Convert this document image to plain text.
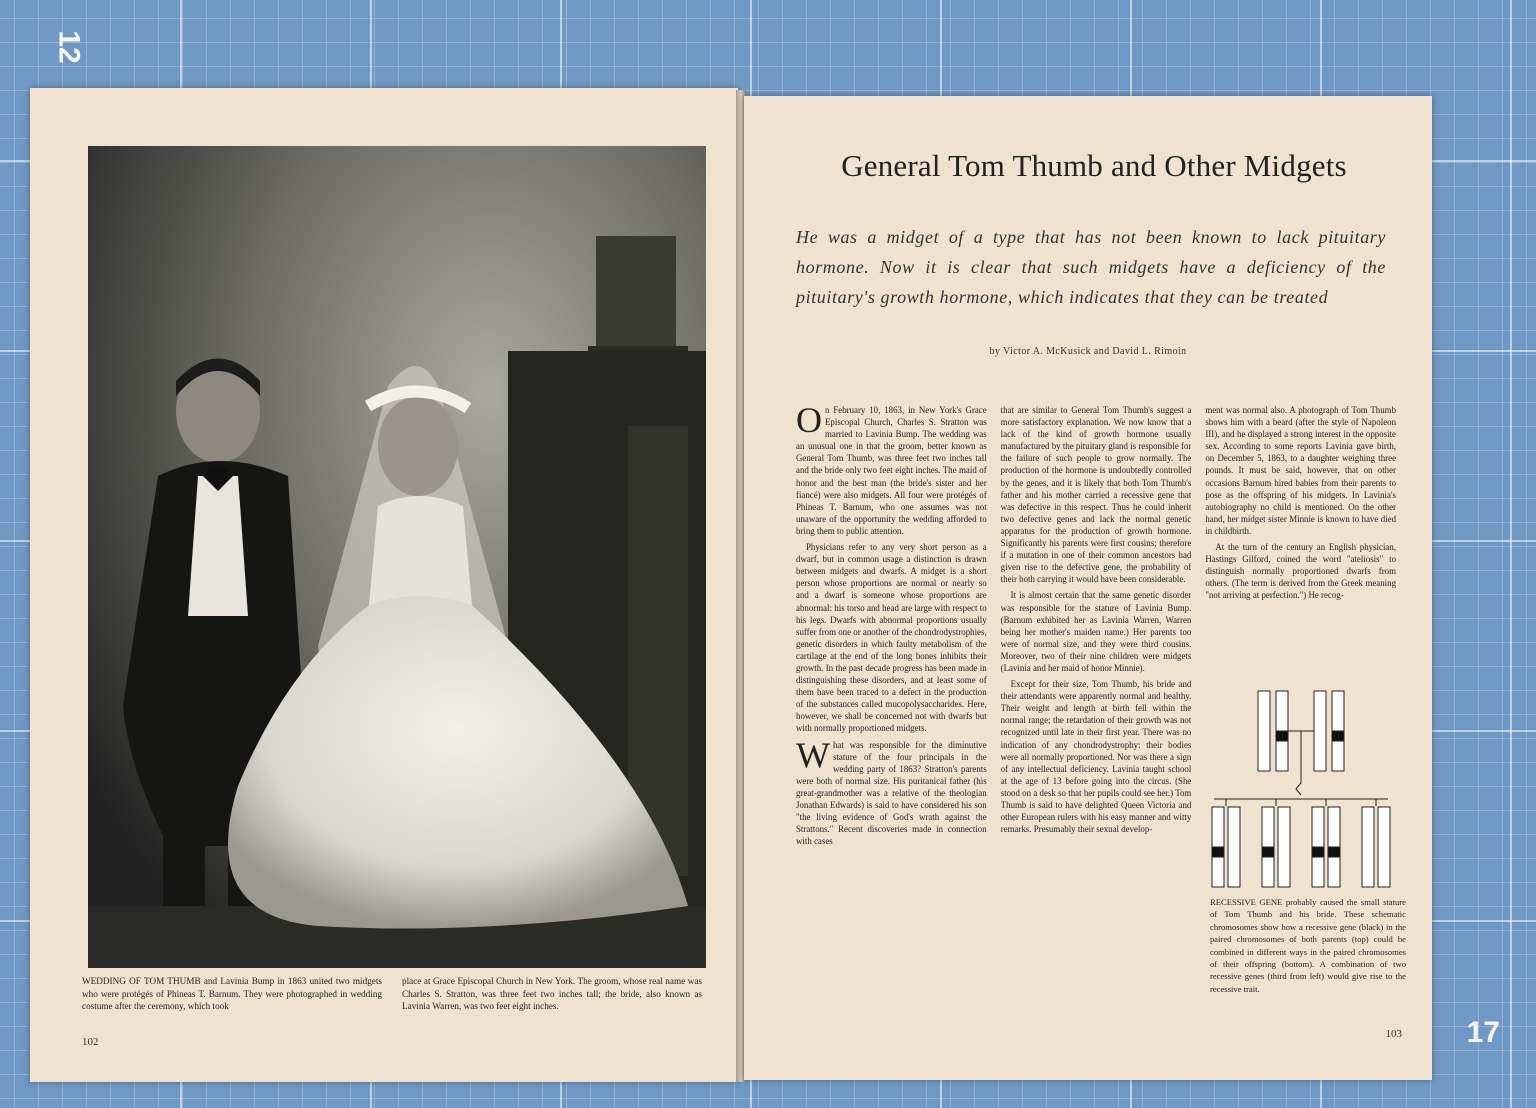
12
17
WEDDING OF TOM THUMB and Lavinia Bump in 1863 united two midgets who were protégés of Phineas T. Barnum. They were photographed in wedding costume after the ceremony, which took
place at Grace Episcopal Church in New York. The groom, whose real name was Charles S. Stratton, was three feet two inches tall; the bride, also known as Lavinia Warren, was two feet eight inches.
102
General Tom Thumb and Other Midgets
He was a midget of a type that has not been known to lack pituitary hormone. Now it is clear that such midgets have a deficiency of the pituitary's growth hormone, which indicates that they can be treated
by Victor A. McKusick and David L. Rimoin

On February 10, 1863, in New York's Grace Episcopal Church, Charles S. Stratton was married to Lavinia Bump. The wedding was an unusual one in that the groom, better known as General Tom Thumb, was three feet two inches tall and the bride only two feet eight inches. The maid of honor and the best man (the bride's sister and her fiancé) were also midgets. All four were protégés of Phineas T. Barnum, who one assumes was not unaware of the opportunity the wedding afforded to bring them to public attention.

Physicians refer to any very short person as a dwarf, but in common usage a distinction is drawn between midgets and dwarfs. A midget is a short person whose proportions are normal or nearly so and a dwarf is someone whose proportions are abnormal: his torso and head are large with respect to his legs. Dwarfs with abnormal proportions usually suffer from one or another of the chondrodystrophies, genetic disorders in which faulty metabolism of the cartilage at the end of the long bones inhibits their growth. In the past decade progress has been made in distinguishing these disorders, and at least some of them have been traced to a defect in the production of the substances called mucopolysaccharides. Here, however, we shall be concerned not with dwarfs but with normally proportioned midgets.

What was responsible for the diminutive stature of the four principals in the wedding party of 1863? Stratton's parents were both of normal size. His puritanical father (his great-grandmother was a relative of the theologian Jonathan Edwards) is said to have considered his son "the living evidence of God's wrath against the Strattons." Recent discoveries made in connection with cases

that are similar to General Tom Thumb's suggest a more satisfactory explanation. We now know that a lack of the kind of growth hormone usually manufactured by the pituitary gland is responsible for the failure of such people to grow normally. The production of the hormone is undoubtedly controlled by the genes, and it is likely that both Tom Thumb's father and his mother carried a recessive gene that was defective in this respect. Thus he could inherit two defective genes and lack the normal genetic apparatus for the production of growth hormone. Significantly his parents were first cousins; therefore if a mutation in one of their common ancestors had given rise to the defective gene, the probability of their both carrying it would have been considerable.

It is almost certain that the same genetic disorder was responsible for the stature of Lavinia Bump. (Barnum exhibited her as Lavinia Warren, Warren being her mother's maiden name.) Her parents too were of normal size, and they were third cousins. Moreover, two of their nine children were midgets (Lavinia and her maid of honor Minnie).

Except for their size, Tom Thumb, his bride and their attendants were apparently normal and healthy. Their weight and length at birth fell within the normal range; the retardation of their growth was not recognized until late in their first year. There was no indication of any chondrodystrophy: their bodies were all normally proportioned. Nor was there a sign of any intellectual deficiency. Lavinia taught school at the age of 13 before going into the circus. (She stood on a desk so that her pupils could see her.) Tom Thumb is said to have delighted Queen Victoria and other European rulers with his easy manner and witty remarks. Presumably their sexual develop-

ment was normal also. A photograph of Tom Thumb shows him with a beard (after the style of Napoleon III), and he displayed a strong interest in the opposite sex. According to some reports Lavinia gave birth, on December 5, 1863, to a daughter weighing three pounds. It must be said, however, that on other occasions Barnum hired babies from their parents to pose as the offspring of his midgets. In Lavinia's autobiography no child is mentioned. On the other hand, her midget sister Minnie is known to have died in childbirth.

At the turn of the century an English physician, Hastings Gilford, coined the word "ateliosis" to distinguish normally proportioned dwarfs from others. (The term is derived from the Greek meaning "not arriving at perfection.") He recog-

RECESSIVE GENE probably caused the small stature of Tom Thumb and his bride. These schematic chromosomes show how a recessive gene (black) in the paired chromosomes of both parents (top) could be combined in different ways in the paired chromosomes of their offspring (bottom). A combination of two recessive genes (third from left) would give rise to the recessive trait.
103
